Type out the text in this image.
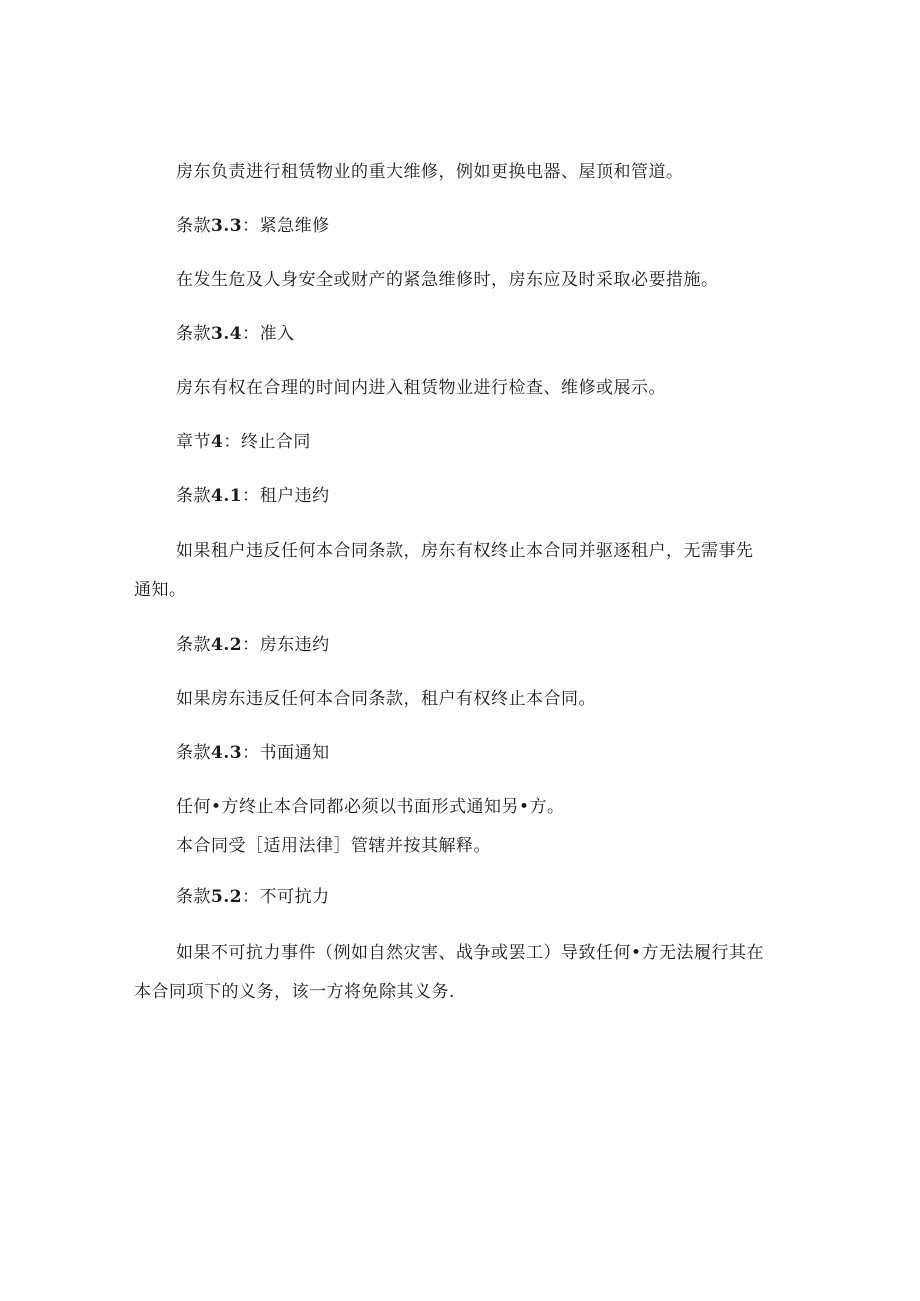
房东负责进行租赁物业的重大维修，例如更换电器、屋顶和管道。

条款3.3：紧急维修

在发生危及人身安全或财产的紧急维修时，房东应及时采取必要措施。

条款3.4：准入

房东有权在合理的时间内进入租赁物业进行检查、维修或展示。

章节4：终止合同

条款4.1：租户违约

如果租户违反任何本合同条款，房东有权终止本合同并驱逐租户，无需事先

通知。

条款4.2：房东违约

如果房东违反任何本合同条款，租户有权终止本合同。

条款4.3：书面通知

任何•方终止本合同都必须以书面形式通知另•方。

本合同受［适用法律］管辖并按其解释。

条款5.2：不可抗力

如果不可抗力事件（例如自然灾害、战争或罢工）导致任何•方无法履行其在

本合同项下的义务，该一方将免除其义务.
